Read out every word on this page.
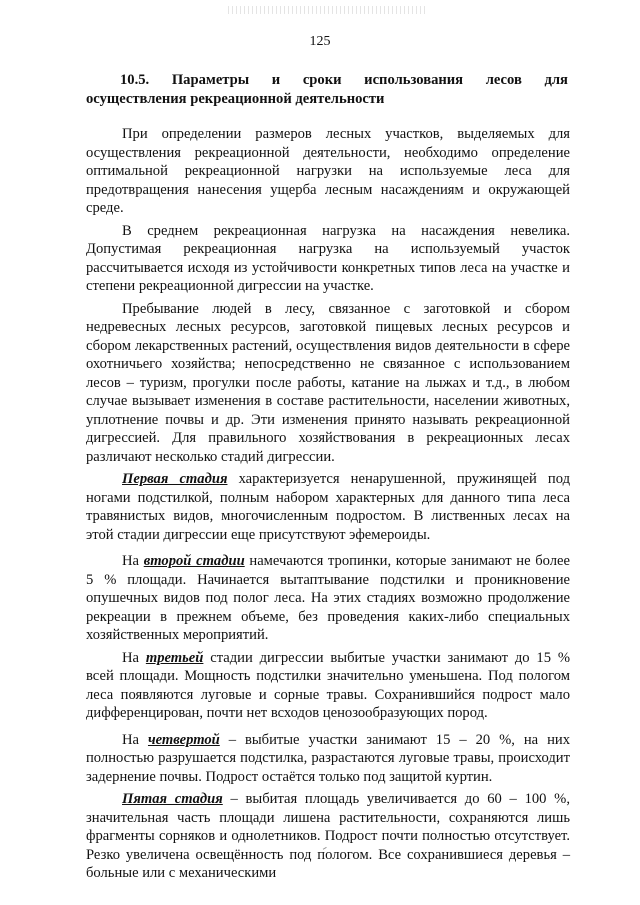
125
10.5. Параметры и сроки использования лесов для
осуществления рекреационной деятельности

При определении размеров лесных участков, выделяемых для осуществления рекреационной деятельности, необходимо определение оптимальной рекреационной нагрузки на используемые леса для предотвращения нанесения ущерба лесным насаждениям и окружающей среде.

В среднем рекреационная нагрузка на насаждения невелика. Допустимая рекреационная нагрузка на используемый участок рассчитывается исходя из устойчивости конкретных типов леса на участке и степени рекреационной дигрессии на участке.

Пребывание людей в лесу, связанное с заготовкой и сбором недревесных лесных ресурсов, заготовкой пищевых лесных ресурсов и сбором лекарственных растений, осуществления видов деятельности в сфере охотничьего хозяйства; непосредственно не связанное с использованием лесов – туризм, прогулки после работы, катание на лыжах и т.д., в любом случае вызывает изменения в составе растительности, населении животных, уплотнение почвы и др. Эти изменения принято называть рекреационной дигрессией. Для правильного хозяйствования в рекреационных лесах различают несколько стадий дигрессии.

Первая стадия характеризуется ненарушенной, пружинящей под ногами подстилкой, полным набором характерных для данного типа леса травянистых видов, многочисленным подростом. В лиственных лесах на этой стадии дигрессии еще присутствуют эфемероиды.

На второй стадии намечаются тропинки, которые занимают не более 5 % площади. Начинается вытаптывание подстилки и проникновение опушечных видов под полог леса. На этих стадиях возможно продолжение рекреации в прежнем объеме, без проведения каких-либо специальных хозяйственных мероприятий.

На третьей стадии дигрессии выбитые участки занимают до 15 % всей площади. Мощность подстилки значительно уменьшена. Под пологом леса появляются луговые и сорные травы. Сохранившийся подрост мало дифференцирован, почти нет всходов ценозообразующих пород.

На четвертой – выбитые участки занимают 15 – 20 %, на них полностью разрушается подстилка, разрастаются луговые травы, происходит задернение почвы. Подрост остаётся только под защитой куртин.

Пятая стадия – выбитая площадь увеличивается до 60 – 100 %, значительная часть площади лишена растительности, сохраняются лишь фрагменты сорняков и однолетников. Подрост почти полностью отсутствует. Резко увеличена освещённость под пологом. Все сохранившиеся деревья – больные или с механическими
